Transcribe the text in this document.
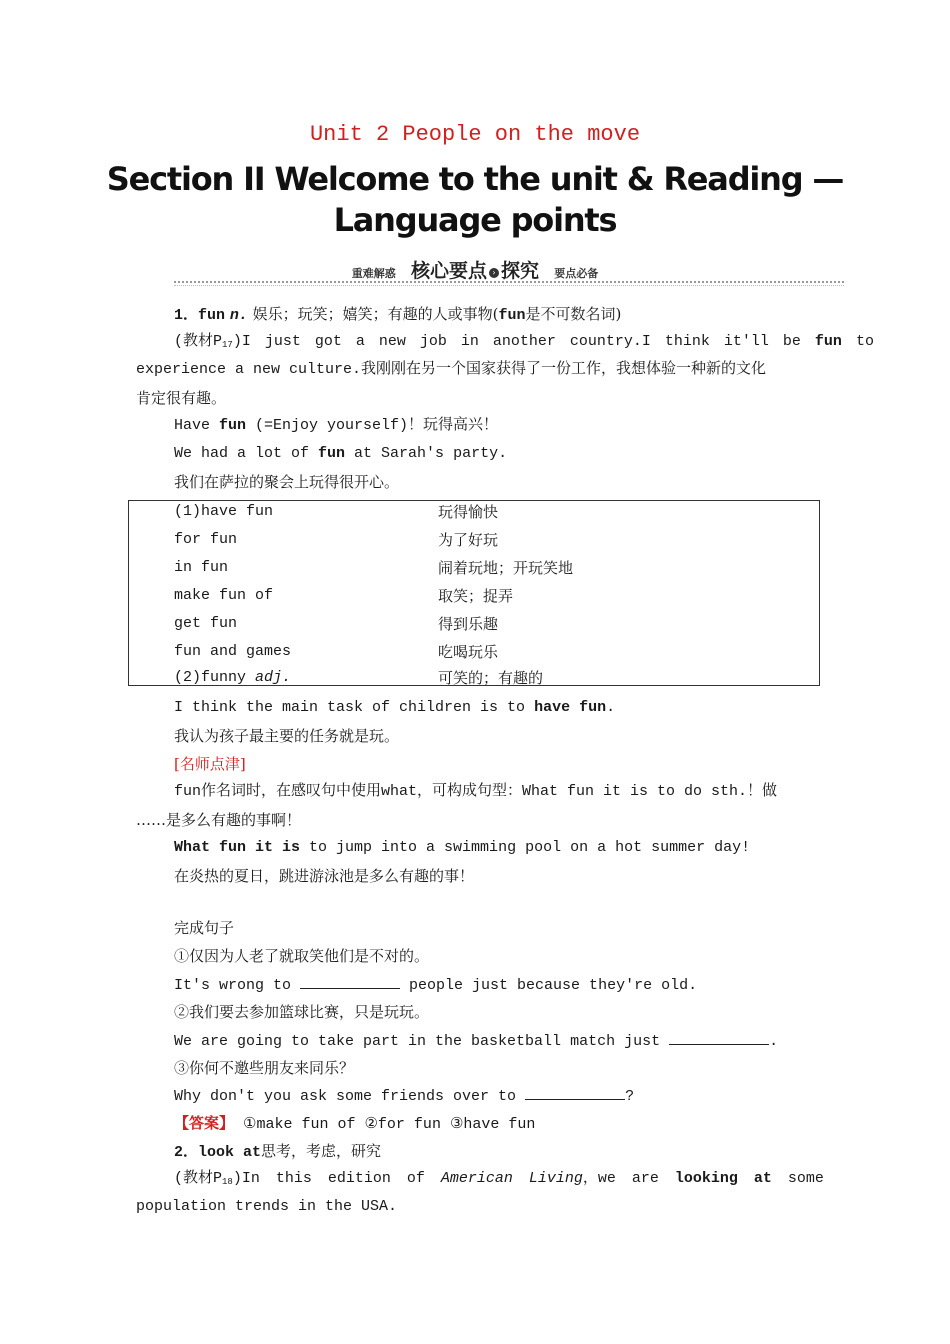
Unit 2 People on the move
Section II Welcome to the unit & Reading —
Language points
重难解惑 核心要点 › 探究 要点必备
1．fun n. 娱乐；玩笑；嬉笑；有趣的人或事物(fun是不可数名词)
(教材$P_{17})I$ just got a new job in another country.I think it'll be fun to
experience a new culture.我刚刚在另一个国家获得了一份工作，我想体验一种新的文化
肯定很有趣。
Have fun (=Enjoy yourself)！玩得高兴！
We had a lot of fun at Sarah's party.
我们在萨拉的聚会上玩得很开心。
(1)have fun	玩得愉快
for fun	为了好玩
in fun	闹着玩地；开玩笑地
make fun of	取笑；捉弄
get fun	得到乐趣
fun and games	吃喝玩乐
(2)funny adj.	可笑的；有趣的
I think the main task of children is to have fun.
我认为孩子最主要的任务就是玩。
[名师点津]
fun作名词时，在感叹句中使用what，可构成句型：What fun it is to do sth.！做
……是多么有趣的事啊！
What fun it is to jump into a swimming pool on a hot summer day!
在炎热的夏日，跳进游泳池是多么有趣的事！
完成句子
①仅因为人老了就取笑他们是不对的。
It's wrong to	people just because they're old.
②我们要去参加篮球比赛，只是玩玩。
We are going to take part in the basketball match just	.
③你何不邀些朋友来同乐？
Why don't you ask some friends over to	?
【答案】 ①make fun of ②for fun ③have fun
2．look at思考，考虑，研究
(教材$P_{18})In$ this edition of American Living，we are looking at some
population trends in the USA.
